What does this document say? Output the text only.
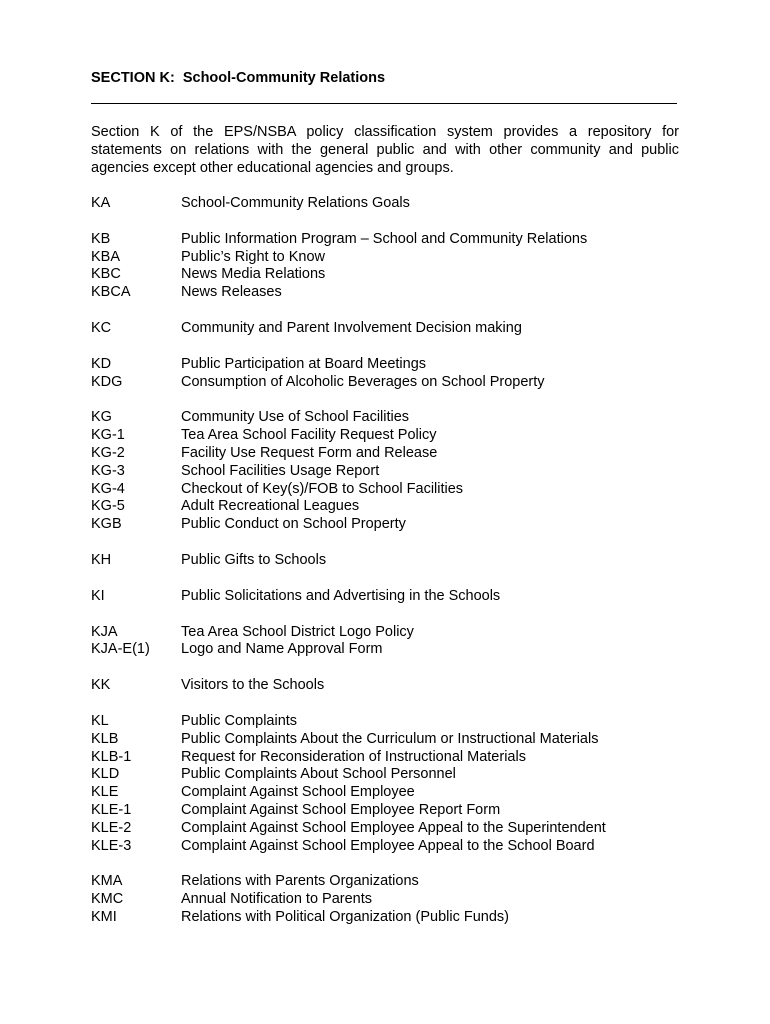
SECTION K:  School-Community Relations
Section K of the EPS/NSBA policy classification system provides a repository for statements on relations with the general public and with other community and public agencies except other educational agencies and groups.
KA	School-Community Relations Goals
KB	Public Information Program – School and Community Relations
KBA	Public’s Right to Know
KBC	News Media Relations
KBCA	News Releases
KC	Community and Parent Involvement Decision making
KD	Public Participation at Board Meetings
KDG	Consumption of Alcoholic Beverages on School Property
KG	Community Use of School Facilities
KG-1	Tea Area School Facility Request Policy
KG-2	Facility Use Request Form and Release
KG-3	School Facilities Usage Report
KG-4	Checkout of Key(s)/FOB to School Facilities
KG-5	Adult Recreational Leagues
KGB	Public Conduct on School Property
KH	Public Gifts to Schools
KI	Public Solicitations and Advertising in the Schools
KJA	Tea Area School District Logo Policy
KJA-E(1)	Logo and Name Approval Form
KK	Visitors to the Schools
KL	Public Complaints
KLB	Public Complaints About the Curriculum or Instructional Materials
KLB-1	Request for Reconsideration of Instructional Materials
KLD	Public Complaints About School Personnel
KLE	Complaint Against School Employee
KLE-1	Complaint Against School Employee Report Form
KLE-2	Complaint Against School Employee Appeal to the Superintendent
KLE-3	Complaint Against School Employee Appeal to the School Board
KMA	Relations with Parents Organizations
KMC	Annual Notification to Parents
KMI	Relations with Political Organization (Public Funds)
